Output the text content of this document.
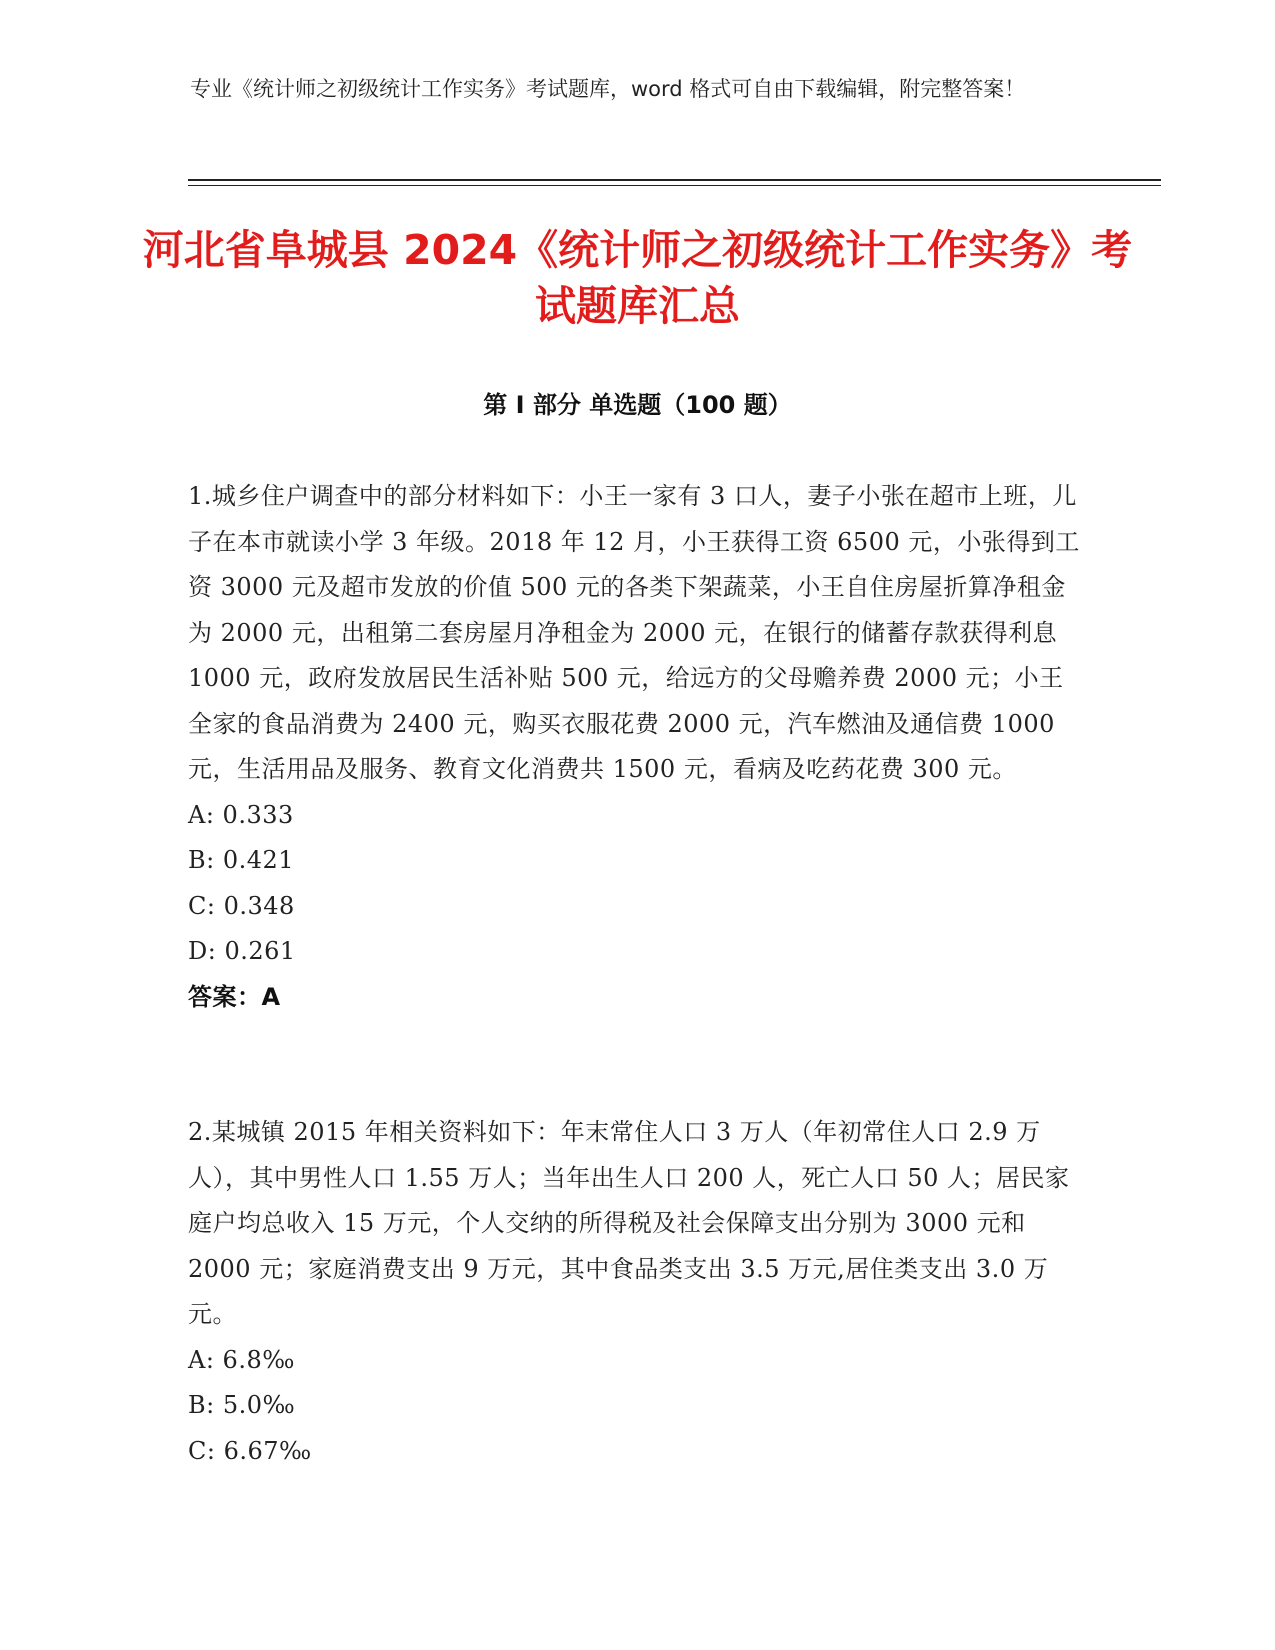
专业《统计师之初级统计工作实务》考试题库，word 格式可自由下载编辑，附完整答案！
河北省阜城县 2024《统计师之初级统计工作实务》考试题库汇总
第 I 部分 单选题（100 题）

1.城乡住户调查中的部分材料如下：小王一家有 3 口人，妻子小张在超市上班，儿子在本市就读小学 3 年级。2018 年 12 月，小王获得工资 6500 元，小张得到工资 3000 元及超市发放的价值 500 元的各类下架蔬菜，小王自住房屋折算净租金为 2000 元，出租第二套房屋月净租金为 2000 元，在银行的储蓄存款获得利息 1000 元，政府发放居民生活补贴 500 元，给远方的父母赡养费 2000 元；小王全家的食品消费为 2400 元，购买衣服花费 2000 元，汽车燃油及通信费 1000 元，生活用品及服务、教育文化消费共 1500 元，看病及吃药花费 300 元。

A: 0.333

B: 0.421

C: 0.348

D: 0.261

答案：A

2.某城镇 2015 年相关资料如下：年末常住人口 3 万人（年初常住人口 2.9 万人），其中男性人口 1.55 万人；当年出生人口 200 人，死亡人口 50 人；居民家庭户均总收入 15 万元，个人交纳的所得税及社会保障支出分别为 3000 元和 2000 元；家庭消费支出 9 万元，其中食品类支出 3.5 万元,居住类支出 3.0 万元。

A: 6.8‰

B: 5.0‰

C: 6.67‰
